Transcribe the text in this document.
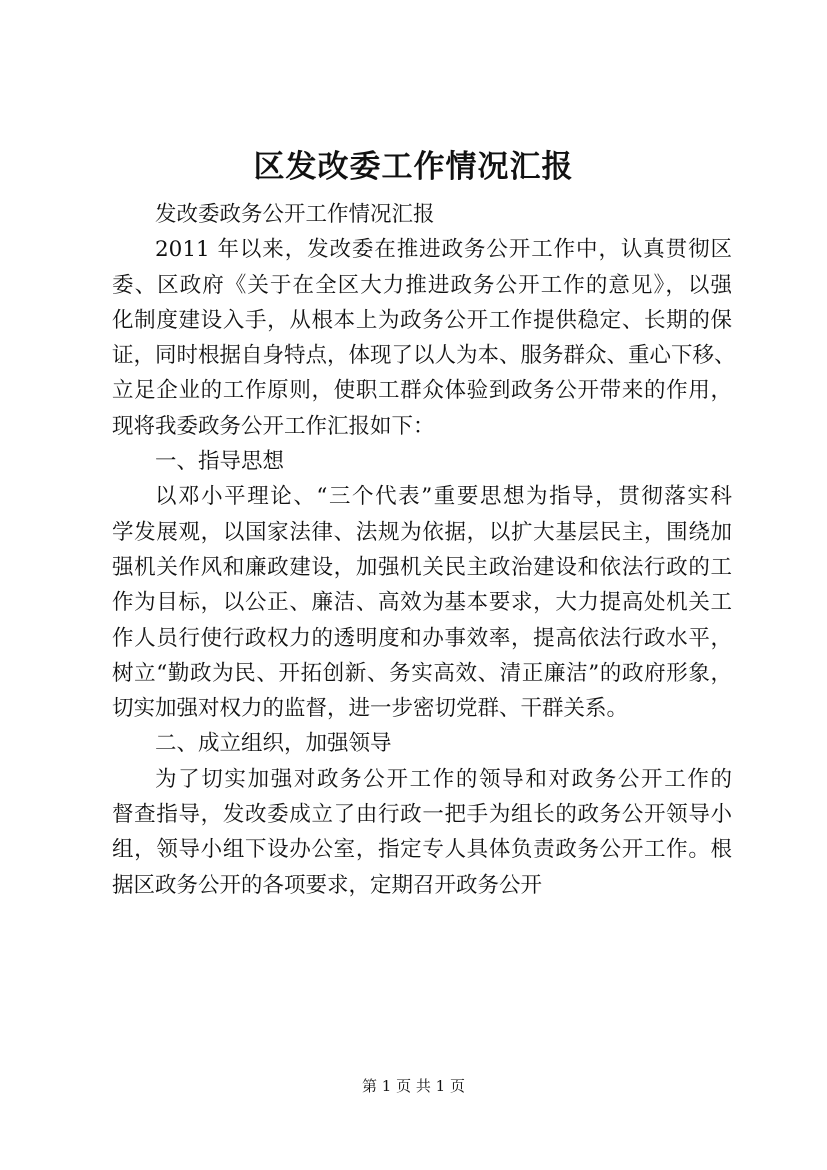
区发改委工作情况汇报
发改委政务公开工作情况汇报
2011 年以来，发改委在推进政务公开工作中，认真贯彻区
委、区政府《关于在全区大力推进政务公开工作的意见》，以强
化制度建设入手，从根本上为政务公开工作提供稳定、长期的保
证，同时根据自身特点，体现了以人为本、服务群众、重心下移、
立足企业的工作原则，使职工群众体验到政务公开带来的作用，
现将我委政务公开工作汇报如下：
一、指导思想
以邓小平理论、“三个代表”重要思想为指导，贯彻落实科
学发展观，以国家法律、法规为依据，以扩大基层民主，围绕加
强机关作风和廉政建设，加强机关民主政治建设和依法行政的工
作为目标，以公正、廉洁、高效为基本要求，大力提高处机关工
作人员行使行政权力的透明度和办事效率，提高依法行政水平，
树立“勤政为民、开拓创新、务实高效、清正廉洁”的政府形象，
切实加强对权力的监督，进一步密切党群、干群关系。
二、成立组织，加强领导
为了切实加强对政务公开工作的领导和对政务公开工作的
督查指导，发改委成立了由行政一把手为组长的政务公开领导小
组，领导小组下设办公室，指定专人具体负责政务公开工作。根
据区政务公开的各项要求，定期召开政务公开
第 1 页 共 1 页
